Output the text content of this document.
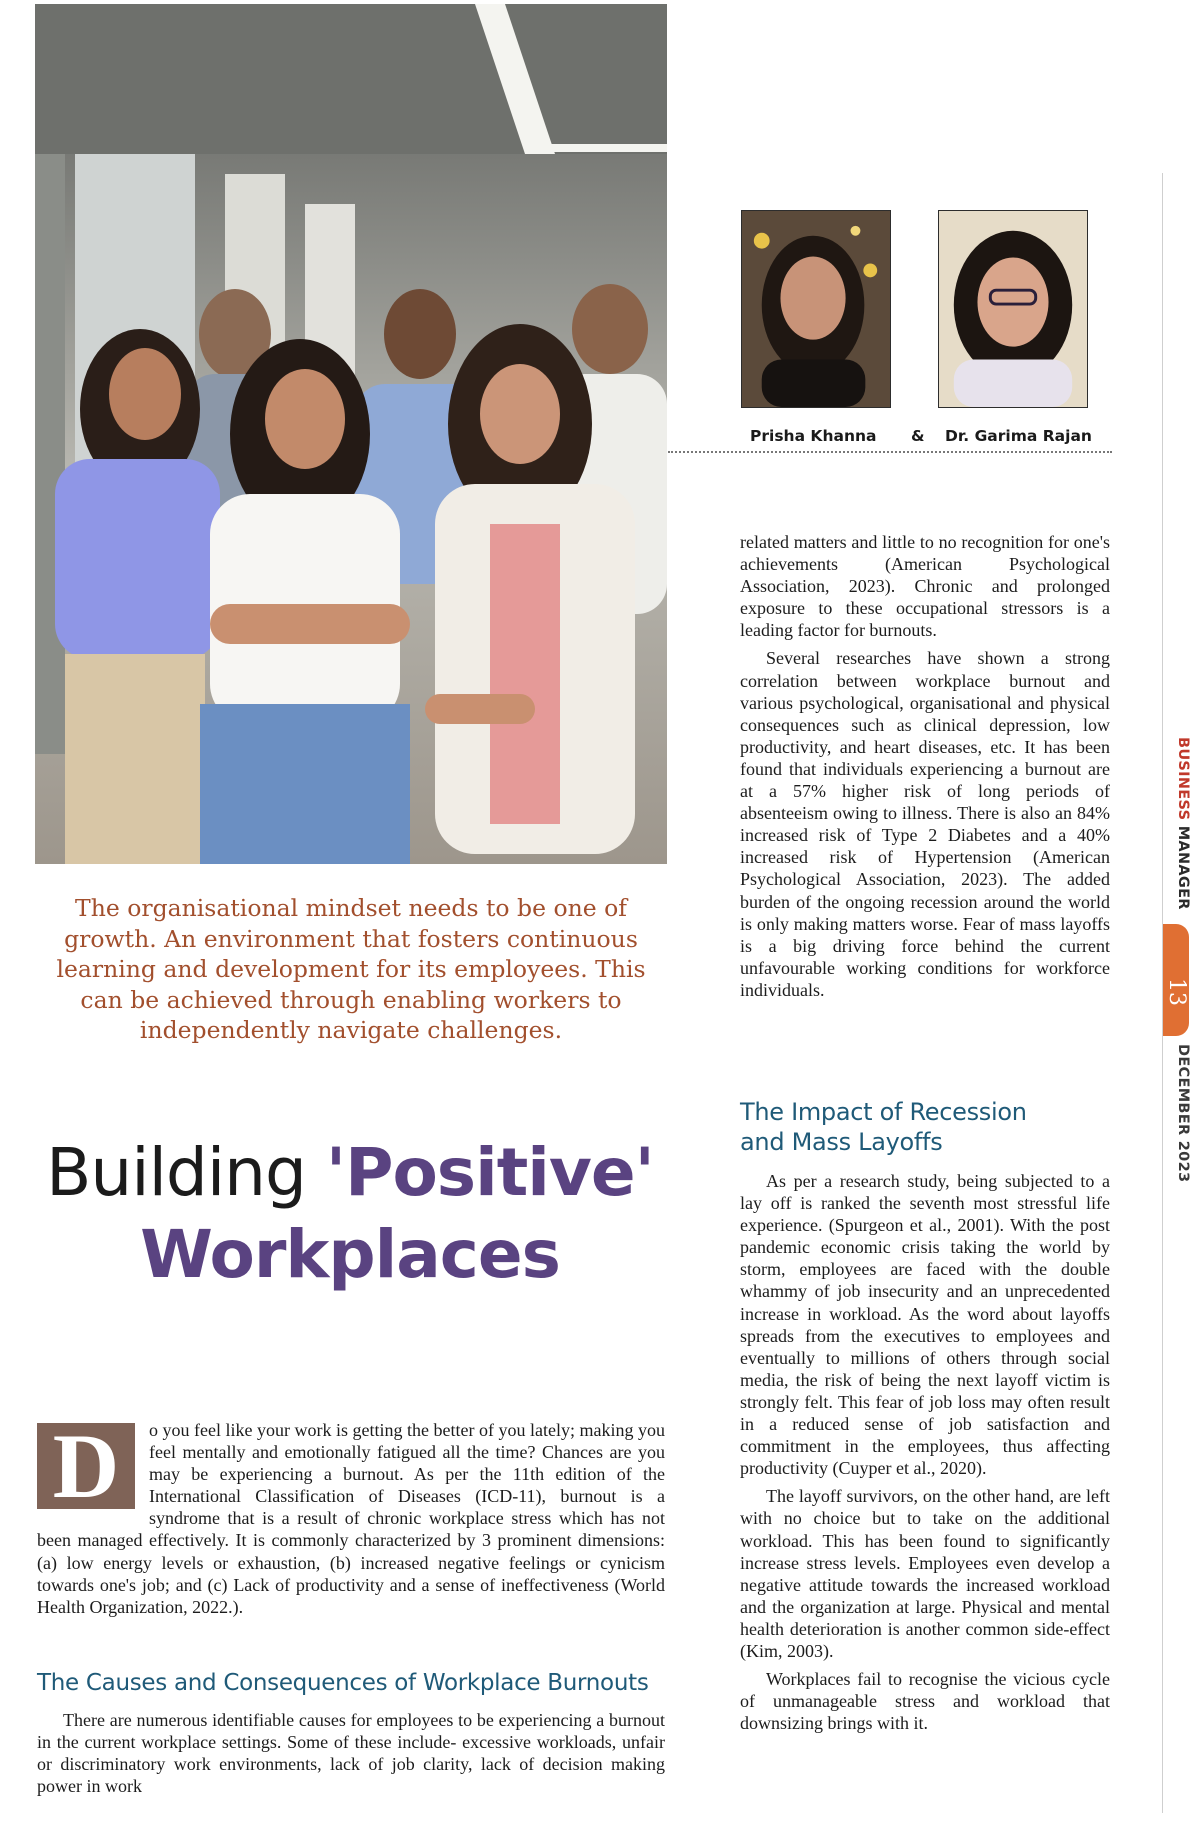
The organisational mindset needs to be one of growth. An environment that fosters continuous learning and development for its employees. This can be achieved through enabling workers to independently navigate challenges.
Building 'Positive'
Workplaces
D	o you feel like your work is getting the better of you lately; making you feel mentally and emotionally fatigued all the time? Chances are you may be experiencing a burnout. As per the 11th edition of the International Classification of Diseases (ICD-11), burnout is a syndrome that is a result of chronic workplace stress which has not been managed effectively. It is commonly characterized by 3 prominent dimensions: (a) low energy levels or exhaustion, (b) increased negative feelings or cynicism towards one's job; and (c) Lack of productivity and a sense of ineffectiveness (World Health Organization, 2022.).

The Causes and Consequences of Workplace Burnouts

There are numerous identifiable causes for employees to be experiencing a burnout in the current workplace settings. Some of these include- excessive workloads, unfair or discriminatory work environments, lack of job clarity, lack of decision making power in work

Prisha Khanna & Dr. Garima Rajan

related matters and little to no recognition for one's achievements (American Psychological Association, 2023). Chronic and prolonged exposure to these occupational stressors is a leading factor for burnouts.

Several researches have shown a strong correlation between workplace burnout and various psychological, organisational and physical consequences such as clinical depression, low productivity, and heart diseases, etc. It has been found that individuals experiencing a burnout are at a 57% higher risk of long periods of absenteeism owing to illness. There is also an 84% increased risk of Type 2 Diabetes and a 40% increased risk of Hypertension (American Psychological Association, 2023). The added burden of the ongoing recession around the world is only making matters worse. Fear of mass layoffs is a big driving force behind the current unfavourable working conditions for workforce individuals.

The Impact of Recession
and Mass Layoffs

As per a research study, being subjected to a lay off is ranked the seventh most stressful life experience. (Spurgeon et al., 2001). With the post pandemic economic crisis taking the world by storm, employees are faced with the double whammy of job insecurity and an unprecedented increase in workload. As the word about layoffs spreads from the executives to employees and eventually to millions of others through social media, the risk of being the next layoff victim is strongly felt. This fear of job loss may often result in a reduced sense of job satisfaction and commitment in the employees, thus affecting productivity (Cuyper et al., 2020).

The layoff survivors, on the other hand, are left with no choice but to take on the additional workload. This has been found to significantly increase stress levels. Employees even develop a negative attitude towards the increased workload and the organization at large. Physical and mental health deterioration is another common side-effect (Kim, 2003).

Workplaces fail to recognise the vicious cycle of unmanageable stress and workload that downsizing brings with it.

BUSINESS MANAGER
13
DECEMBER 2023
